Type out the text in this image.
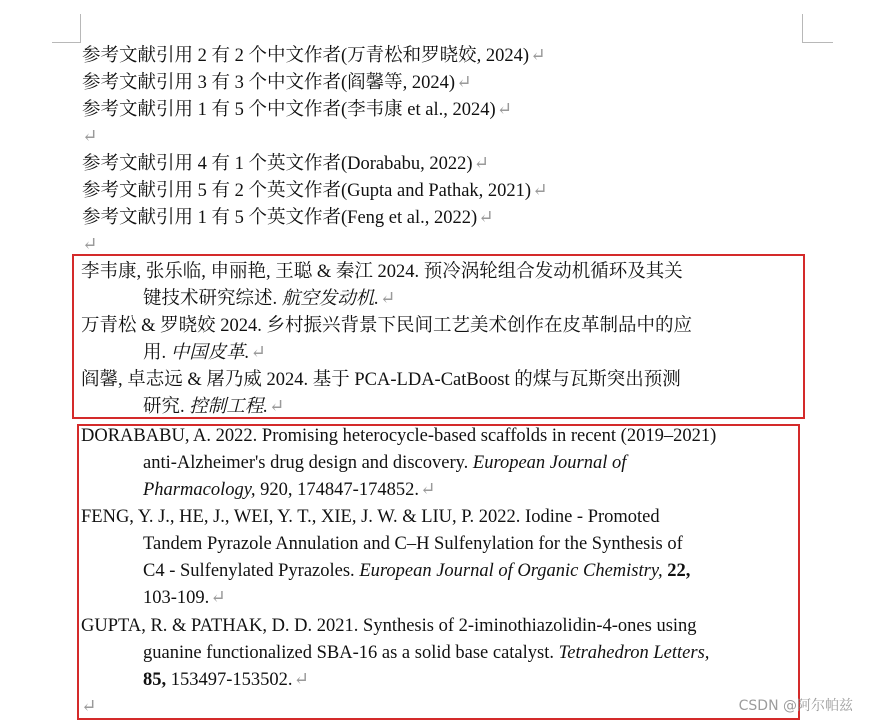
参考文献引用 2 有 2 个中文作者(万青松和罗晓姣, 2024)↵
参考文献引用 3 有 3 个中文作者(阎馨等, 2024)↵
参考文献引用 1 有 5 个中文作者(李韦康 et al., 2024)↵
↵
参考文献引用 4 有 1 个英文作者(Dorababu, 2022)↵
参考文献引用 5 有 2 个英文作者(Gupta and Pathak, 2021)↵
参考文献引用 1 有 5 个英文作者(Feng et al., 2022)↵
↵
李韦康, 张乐临, 申丽艳, 王聪 & 秦江 2024. 预冷涡轮组合发动机循环及其关
键技术研究综述. 航空发动机.↵
万青松 & 罗晓姣 2024. 乡村振兴背景下民间工艺美术创作在皮革制品中的应
用. 中国皮革.↵
阎馨, 卓志远 & 屠乃威 2024. 基于 PCA-LDA-CatBoost 的煤与瓦斯突出预测
研究. 控制工程.↵
DORABABU, A. 2022. Promising heterocycle-based scaffolds in recent (2019–2021)
anti-Alzheimer's drug design and discovery. European Journal of
Pharmacology, 920, 174847-174852.↵
FENG, Y. J., HE, J., WEI, Y. T., XIE, J. W. & LIU, P. 2022. Iodine - Promoted
Tandem Pyrazole Annulation and C–H Sulfenylation for the Synthesis of
C4 - Sulfenylated Pyrazoles. European Journal of Organic Chemistry, 22,
103-109.↵
GUPTA, R. & PATHAK, D. D. 2021. Synthesis of 2-iminothiazolidin-4-ones using
guanine functionalized SBA-16 as a solid base catalyst. Tetrahedron Letters,
85, 153497-153502.↵
↵	CSDN @阿尔帕兹
